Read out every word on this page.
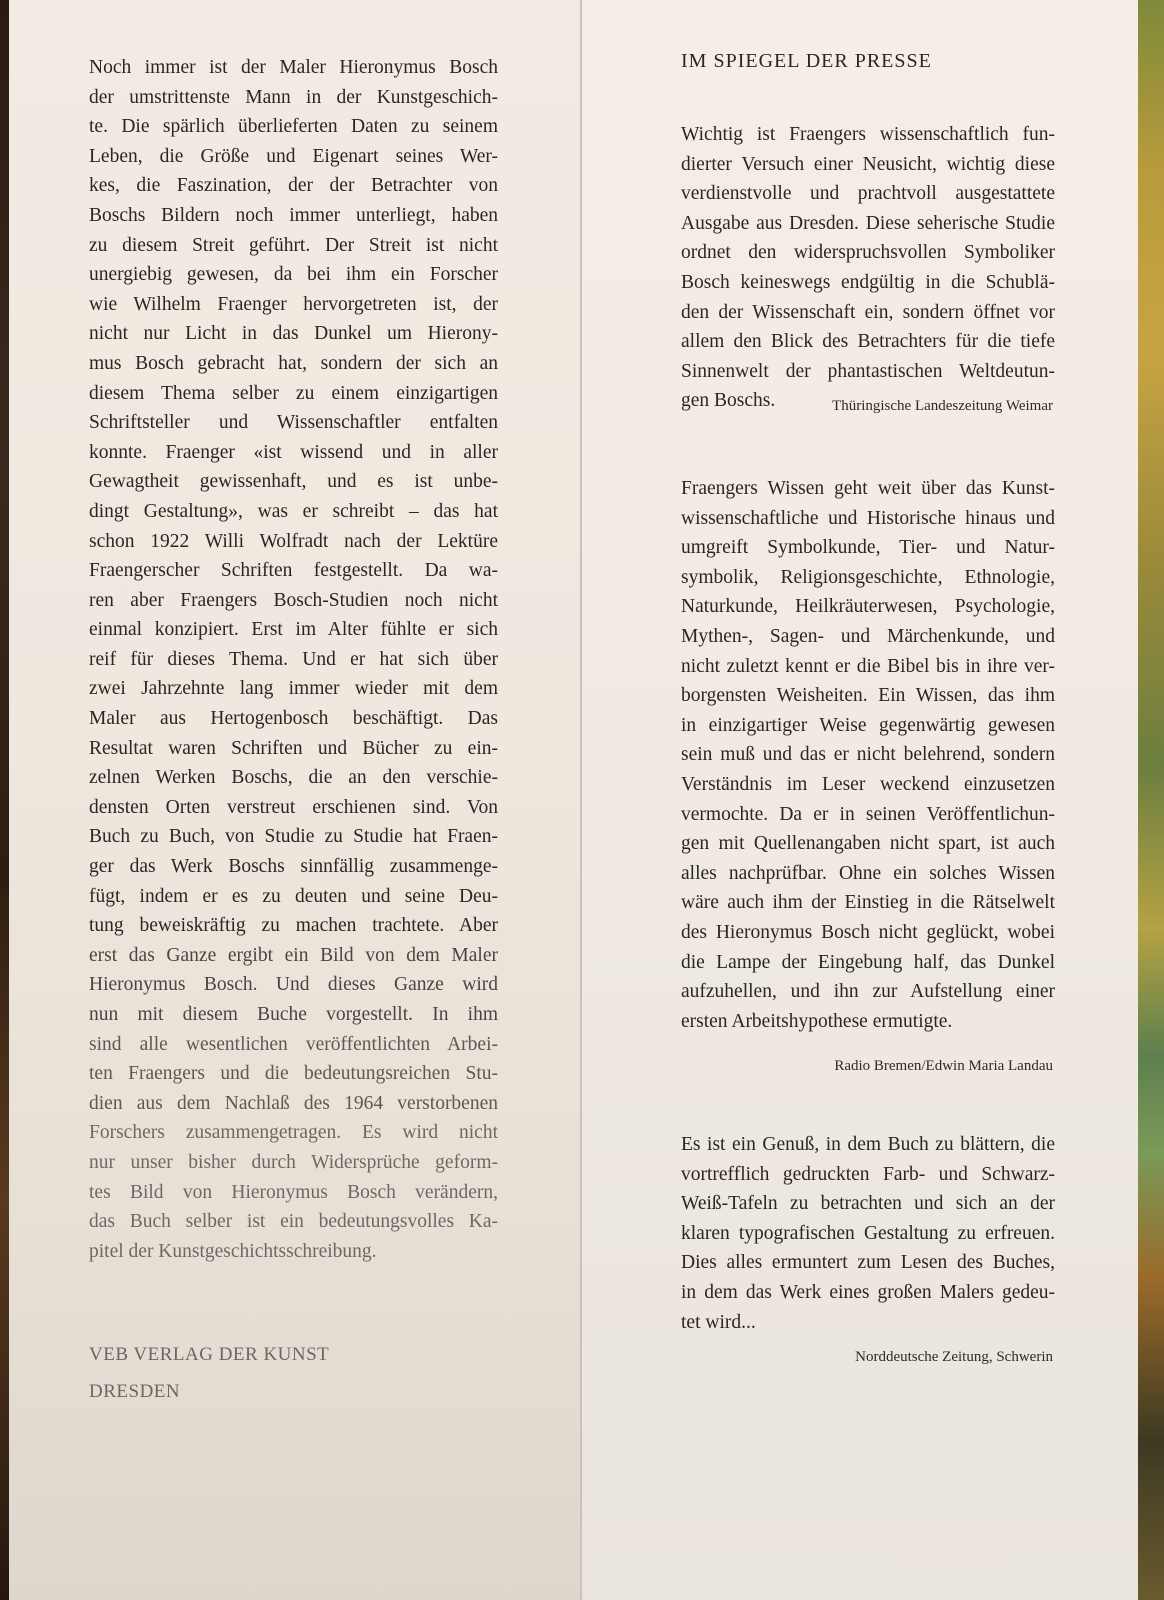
Noch immer ist der Maler Hieronymus Bosch
der umstrittenste Mann in der Kunstgeschich-
te. Die spärlich überlieferten Daten zu seinem
Leben, die Größe und Eigenart seines Wer-
kes, die Faszination, der der Betrachter von
Boschs Bildern noch immer unterliegt, haben
zu diesem Streit geführt. Der Streit ist nicht
unergiebig gewesen, da bei ihm ein Forscher
wie Wilhelm Fraenger hervorgetreten ist, der
nicht nur Licht in das Dunkel um Hierony-
mus Bosch gebracht hat, sondern der sich an
diesem Thema selber zu einem einzigartigen
Schriftsteller und Wissenschaftler entfalten
konnte. Fraenger «ist wissend und in aller
Gewagtheit gewissenhaft, und es ist unbe-
dingt Gestaltung», was er schreibt – das hat
schon 1922 Willi Wolfradt nach der Lektüre
Fraengerscher Schriften festgestellt. Da wa-
ren aber Fraengers Bosch-Studien noch nicht
einmal konzipiert. Erst im Alter fühlte er sich
reif für dieses Thema. Und er hat sich über
zwei Jahrzehnte lang immer wieder mit dem
Maler aus Hertogenbosch beschäftigt. Das
Resultat waren Schriften und Bücher zu ein-
zelnen Werken Boschs, die an den verschie-
densten Orten verstreut erschienen sind. Von
Buch zu Buch, von Studie zu Studie hat Fraen-
ger das Werk Boschs sinnfällig zusammenge-
fügt, indem er es zu deuten und seine Deu-
tung beweiskräftig zu machen trachtete. Aber
erst das Ganze ergibt ein Bild von dem Maler
Hieronymus Bosch. Und dieses Ganze wird
nun mit diesem Buche vorgestellt. In ihm
sind alle wesentlichen veröffentlichten Arbei-
ten Fraengers und die bedeutungsreichen Stu-
dien aus dem Nachlaß des 1964 verstorbenen
Forschers zusammengetragen. Es wird nicht
nur unser bisher durch Widersprüche geform-
tes Bild von Hieronymus Bosch verändern,
das Buch selber ist ein bedeutungsvolles Ka-
pitel der Kunstgeschichtsschreibung.
VEB VERLAG DER KUNST
DRESDEN
IM SPIEGEL DER PRESSE
Wichtig ist Fraengers wissenschaftlich fun-
dierter Versuch einer Neusicht, wichtig diese
verdienstvolle und prachtvoll ausgestattete
Ausgabe aus Dresden. Diese seherische Studie
ordnet den widerspruchsvollen Symboliker
Bosch keineswegs endgültig in die Schublä-
den der Wissenschaft ein, sondern öffnet vor
allem den Blick des Betrachters für die tiefe
Sinnenwelt der phantastischen Weltdeutun-
gen Boschs.	Thüringische Landeszeitung Weimar
Fraengers Wissen geht weit über das Kunst-
wissenschaftliche und Historische hinaus und
umgreift Symbolkunde, Tier- und Natur-
symbolik, Religionsgeschichte, Ethnologie,
Naturkunde, Heilkräuterwesen, Psychologie,
Mythen-, Sagen- und Märchenkunde, und
nicht zuletzt kennt er die Bibel bis in ihre ver-
borgensten Weisheiten. Ein Wissen, das ihm
in einzigartiger Weise gegenwärtig gewesen
sein muß und das er nicht belehrend, sondern
Verständnis im Leser weckend einzusetzen
vermochte. Da er in seinen Veröffentlichun-
gen mit Quellenangaben nicht spart, ist auch
alles nachprüfbar. Ohne ein solches Wissen
wäre auch ihm der Einstieg in die Rätselwelt
des Hieronymus Bosch nicht geglückt, wobei
die Lampe der Eingebung half, das Dunkel
aufzuhellen, und ihn zur Aufstellung einer
ersten Arbeitshypothese ermutigte.
Radio Bremen/Edwin Maria Landau
Es ist ein Genuß, in dem Buch zu blättern, die
vortrefflich gedruckten Farb- und Schwarz-
Weiß-Tafeln zu betrachten und sich an der
klaren typografischen Gestaltung zu erfreuen.
Dies alles ermuntert zum Lesen des Buches,
in dem das Werk eines großen Malers gedeu-
tet wird...
Norddeutsche Zeitung, Schwerin
